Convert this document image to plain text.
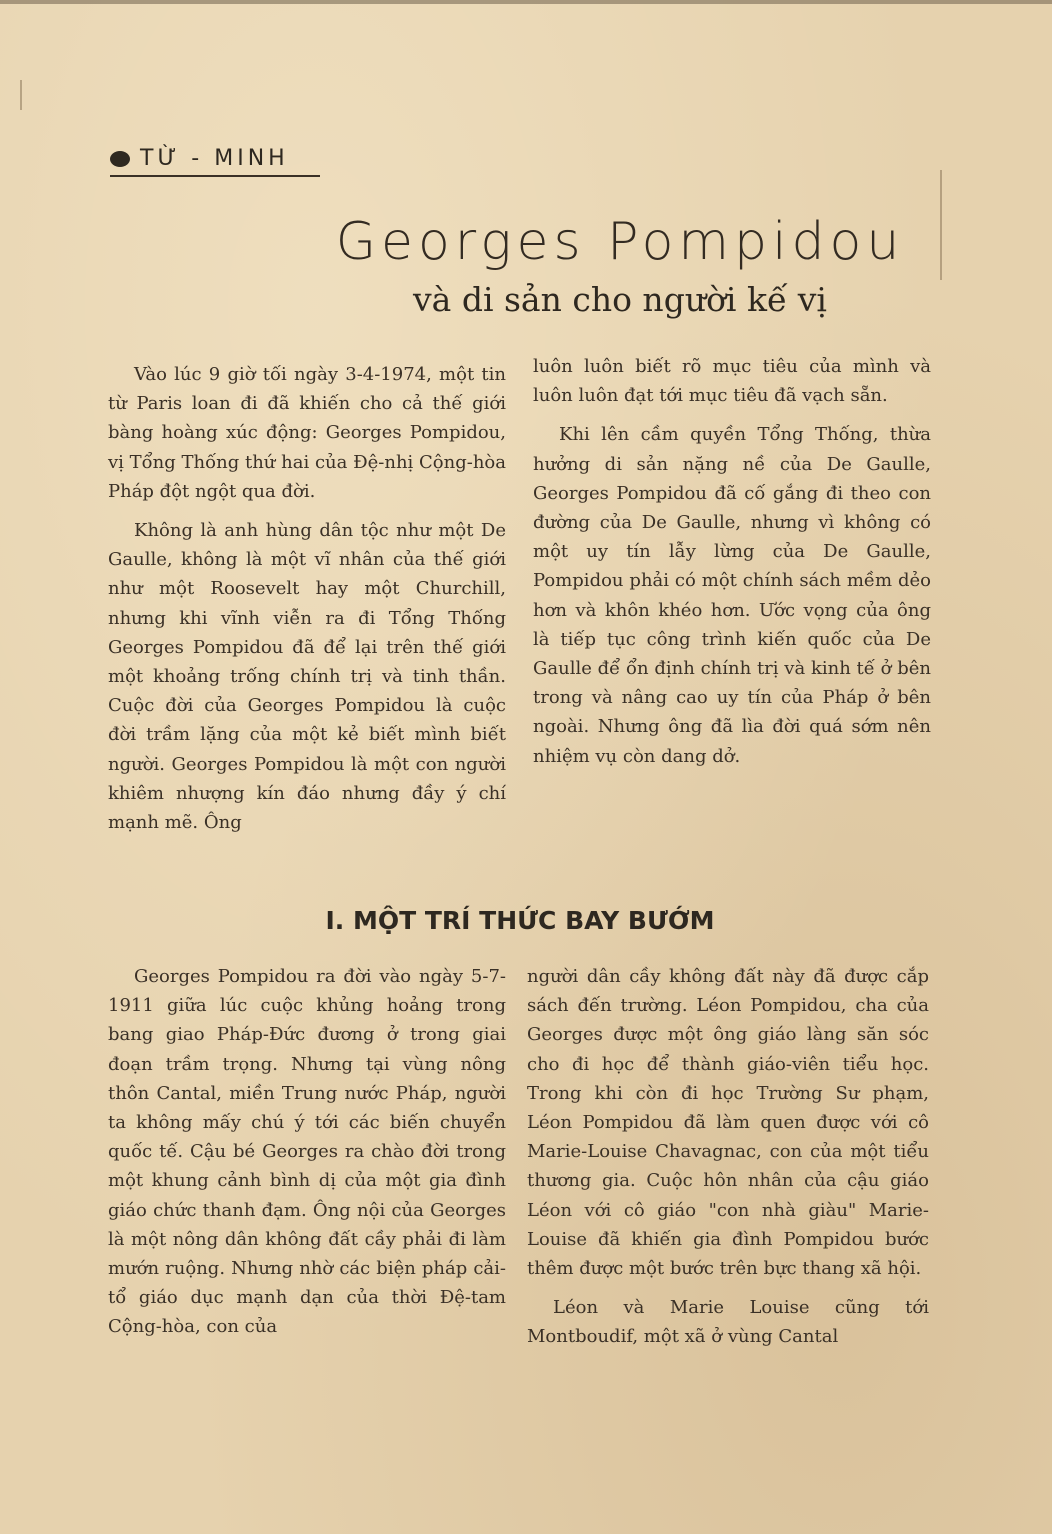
TỪ - MINH
Georges Pompidou
và di sản cho người kế vị

Vào lúc 9 giờ tối ngày 3-4-1974, một tin từ Paris loan đi đã khiến cho cả thế giới bàng hoàng xúc động: Georges Pompidou, vị Tổng Thống thứ hai của Đệ-nhị Cộng-hòa Pháp đột ngột qua đời.

Không là anh hùng dân tộc như một De Gaulle, không là một vĩ nhân của thế giới như một Roosevelt hay một Churchill, nhưng khi vĩnh viễn ra đi Tổng Thống Georges Pompidou đã để lại trên thế giới một khoảng trống chính trị và tinh thần. Cuộc đời của Georges Pompidou là cuộc đời trầm lặng của một kẻ biết mình biết người. Georges Pompidou là một con người khiêm nhượng kín đáo nhưng đầy ý chí mạnh mẽ. Ông

luôn luôn biết rõ mục tiêu của mình và luôn luôn đạt tới mục tiêu đã vạch sẵn.

Khi lên cầm quyền Tổng Thống, thừa hưởng di sản nặng nề của De Gaulle, Georges Pompidou đã cố gắng đi theo con đường của De Gaulle, nhưng vì không có một uy tín lẫy lừng của De Gaulle, Pompidou phải có một chính sách mềm dẻo hơn và khôn khéo hơn. Ước vọng của ông là tiếp tục công trình kiến quốc của De Gaulle để ổn định chính trị và kinh tế ở bên trong và nâng cao uy tín của Pháp ở bên ngoài. Nhưng ông đã lìa đời quá sớm nên nhiệm vụ còn dang dở.

I. MỘT TRÍ THỨC BAY BƯỚM

Georges Pompidou ra đời vào ngày 5-7-1911 giữa lúc cuộc khủng hoảng trong bang giao Pháp-Đức đương ở trong giai đoạn trầm trọng. Nhưng tại vùng nông thôn Cantal, miền Trung nước Pháp, người ta không mấy chú ý tới các biến chuyển quốc tế. Cậu bé Georges ra chào đời trong một khung cảnh bình dị của một gia đình giáo chức thanh đạm. Ông nội của Georges là một nông dân không đất cầy phải đi làm mướn ruộng. Nhưng nhờ các biện pháp cải-tổ giáo dục mạnh dạn của thời Đệ-tam Cộng-hòa, con của

người dân cầy không đất này đã được cắp sách đến trường. Léon Pompidou, cha của Georges được một ông giáo làng săn sóc cho đi học để thành giáo-viên tiểu học. Trong khi còn đi học Trường Sư phạm, Léon Pompidou đã làm quen được với cô Marie-Louise Chavagnac, con của một tiểu thương gia. Cuộc hôn nhân của cậu giáo Léon với cô giáo "con nhà giàu" Marie-Louise đã khiến gia đình Pompidou bước thêm được một bước trên bực thang xã hội.

Léon và Marie Louise cũng tới Montboudif, một xã ở vùng Cantal
